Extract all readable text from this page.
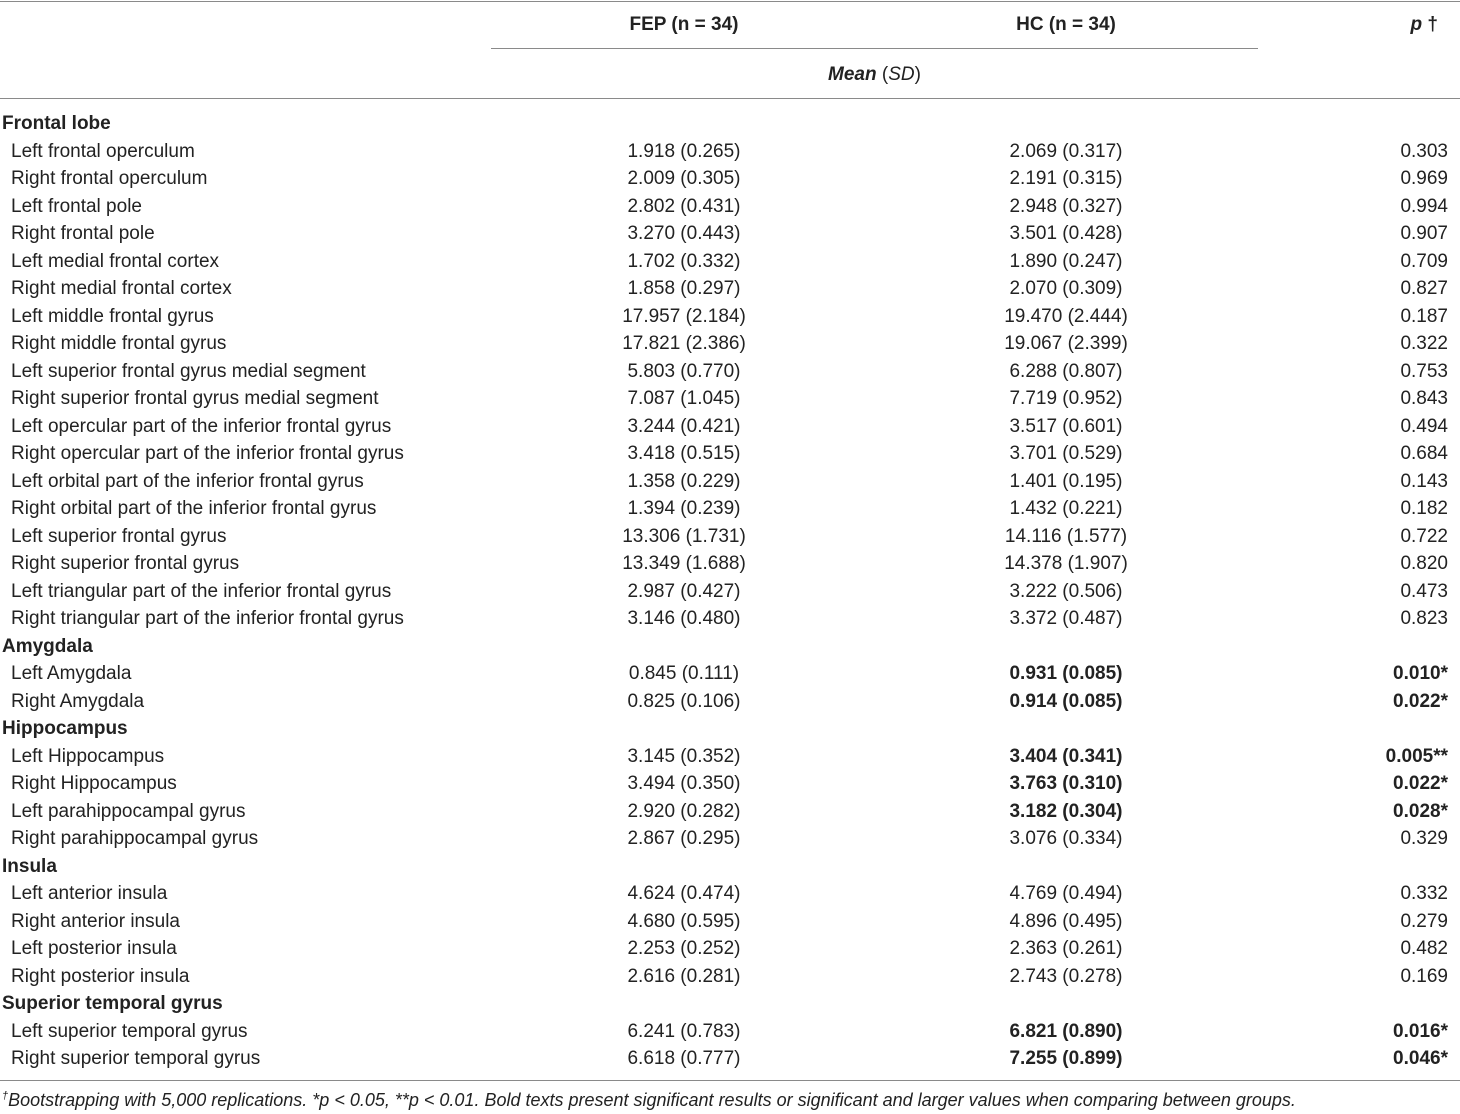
FEP (n = 34)	HC (n = 34)	p †
Mean (SD)
Frontal lobe
Left frontal operculum	1.918 (0.265)	2.069 (0.317)	0.303
Right frontal operculum	2.009 (0.305)	2.191 (0.315)	0.969
Left frontal pole	2.802 (0.431)	2.948 (0.327)	0.994
Right frontal pole	3.270 (0.443)	3.501 (0.428)	0.907
Left medial frontal cortex	1.702 (0.332)	1.890 (0.247)	0.709
Right medial frontal cortex	1.858 (0.297)	2.070 (0.309)	0.827
Left middle frontal gyrus	17.957 (2.184)	19.470 (2.444)	0.187
Right middle frontal gyrus	17.821 (2.386)	19.067 (2.399)	0.322
Left superior frontal gyrus medial segment	5.803 (0.770)	6.288 (0.807)	0.753
Right superior frontal gyrus medial segment	7.087 (1.045)	7.719 (0.952)	0.843
Left opercular part of the inferior frontal gyrus	3.244 (0.421)	3.517 (0.601)	0.494
Right opercular part of the inferior frontal gyrus	3.418 (0.515)	3.701 (0.529)	0.684
Left orbital part of the inferior frontal gyrus	1.358 (0.229)	1.401 (0.195)	0.143
Right orbital part of the inferior frontal gyrus	1.394 (0.239)	1.432 (0.221)	0.182
Left superior frontal gyrus	13.306 (1.731)	14.116 (1.577)	0.722
Right superior frontal gyrus	13.349 (1.688)	14.378 (1.907)	0.820
Left triangular part of the inferior frontal gyrus	2.987 (0.427)	3.222 (0.506)	0.473
Right triangular part of the inferior frontal gyrus	3.146 (0.480)	3.372 (0.487)	0.823
Amygdala
Left Amygdala	0.845 (0.111)	0.931 (0.085)	0.010*
Right Amygdala	0.825 (0.106)	0.914 (0.085)	0.022*
Hippocampus
Left Hippocampus	3.145 (0.352)	3.404 (0.341)	0.005**
Right Hippocampus	3.494 (0.350)	3.763 (0.310)	0.022*
Left parahippocampal gyrus	2.920 (0.282)	3.182 (0.304)	0.028*
Right parahippocampal gyrus	2.867 (0.295)	3.076 (0.334)	0.329
Insula
Left anterior insula	4.624 (0.474)	4.769 (0.494)	0.332
Right anterior insula	4.680 (0.595)	4.896 (0.495)	0.279
Left posterior insula	2.253 (0.252)	2.363 (0.261)	0.482
Right posterior insula	2.616 (0.281)	2.743 (0.278)	0.169
Superior temporal gyrus
Left superior temporal gyrus	6.241 (0.783)	6.821 (0.890)	0.016*
Right superior temporal gyrus	6.618 (0.777)	7.255 (0.899)	0.046*
†Bootstrapping with 5,000 replications. *p < 0.05, **p < 0.01. Bold texts present significant results or significant and larger values when comparing between groups.
